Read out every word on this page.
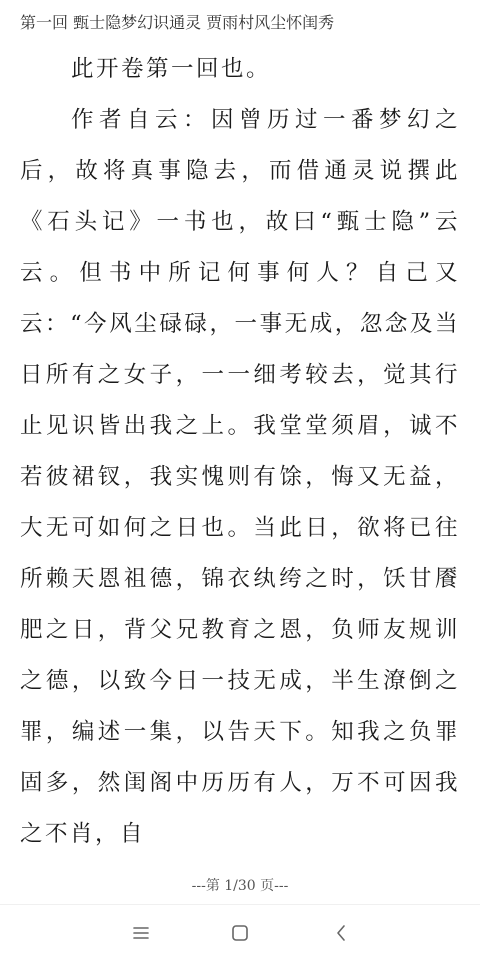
第一回 甄士隐梦幻识通灵 贾雨村风尘怀闺秀

此开卷第一回也。

作者自云：因曾历过一番梦幻之后，故将真事隐去，而借通灵说撰此《石头记》一书也，故曰“甄士隐”云云。但书中所记何事何人？自己又云：“今风尘碌碌，一事无成，忽念及当日所有之女子，一一细考较去，觉其行止见识皆出我之上。我堂堂须眉，诚不若彼裙钗，我实愧则有馀，悔又无益，大无可如何之日也。当此日，欲将已往所赖天恩祖德，锦衣纨绔之时，饫甘餍肥之日，背父兄教育之恩，负师友规训之德，以致今日一技无成，半生潦倒之罪，编述一集，以告天下。知我之负罪固多，然闺阁中历历有人，万不可因我之不肖，自

---第 1/30 页---
